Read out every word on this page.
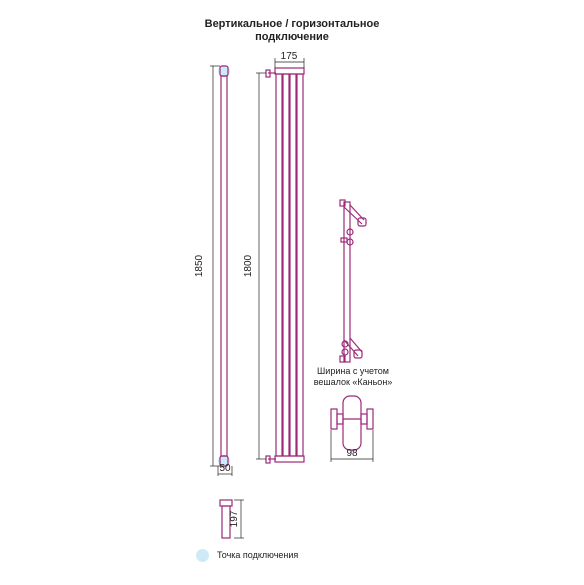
Вертикальное / горизонтальное
подключение
1850	1800
175
50
197
98
Ширина с учетом
вешалок «Каньон»
Точка подключения
